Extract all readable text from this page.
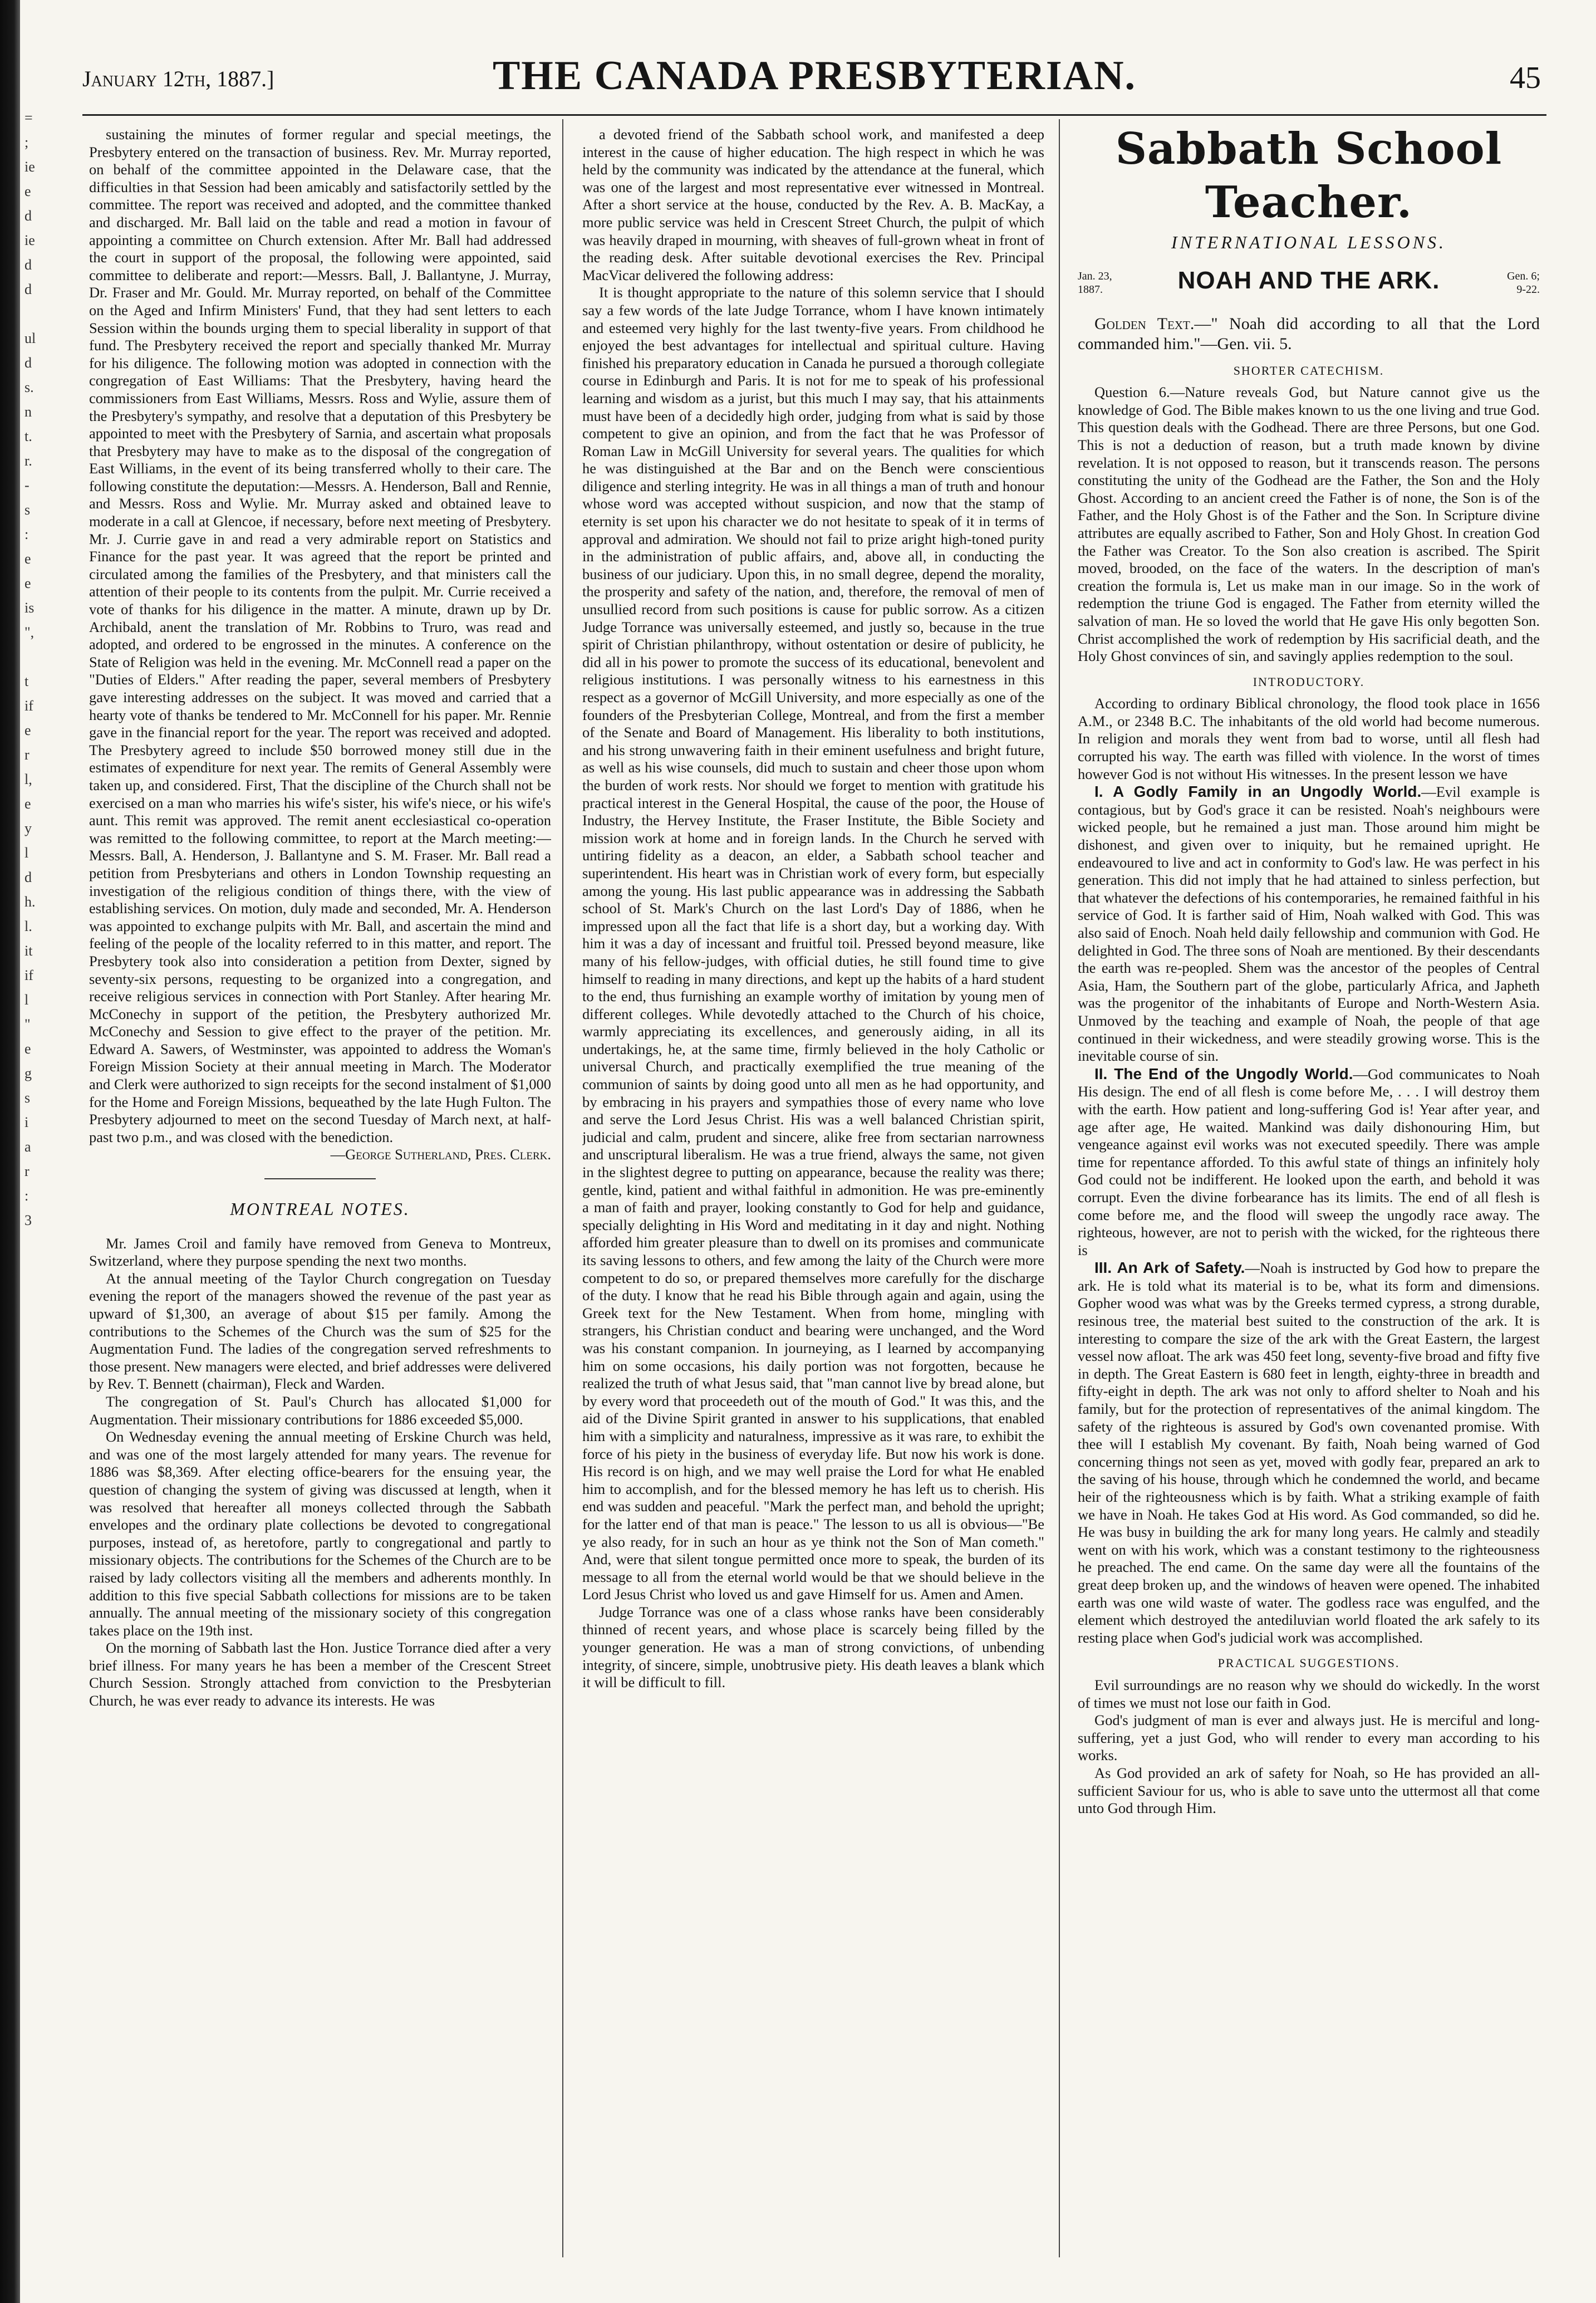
=
;
ie
e
d
ie
d
d

ul
d
s.
n
t.
r.
-
s
:
e
e
is
",

t
if
e
r
l,
e
y
l
d
h.
l.
it
if
l
"
e
g
s
i
a
r
:
3
January 12th, 1887.]	THE CANADA PRESBYTERIAN.	45

sustaining the minutes of former regular and special meetings, the Presbytery entered on the transaction of business. Rev. Mr. Murray reported, on behalf of the committee appointed in the Delaware case, that the difficulties in that Session had been amicably and satisfactorily settled by the committee. The report was received and adopted, and the committee thanked and discharged. Mr. Ball laid on the table and read a motion in favour of appointing a committee on Church extension. After Mr. Ball had addressed the court in support of the proposal, the following were appointed, said committee to deliberate and report:—Messrs. Ball, J. Ballantyne, J. Murray, Dr. Fraser and Mr. Gould. Mr. Murray reported, on behalf of the Committee on the Aged and Infirm Ministers' Fund, that they had sent letters to each Session within the bounds urging them to special liberality in support of that fund. The Presbytery received the report and specially thanked Mr. Murray for his diligence. The following motion was adopted in connection with the congregation of East Williams: That the Presbytery, having heard the commissioners from East Williams, Messrs. Ross and Wylie, assure them of the Presbytery's sympathy, and resolve that a deputation of this Presbytery be appointed to meet with the Presbytery of Sarnia, and ascertain what proposals that Presbytery may have to make as to the disposal of the congregation of East Williams, in the event of its being transferred wholly to their care. The following constitute the deputation:—Messrs. A. Henderson, Ball and Rennie, and Messrs. Ross and Wylie. Mr. Murray asked and obtained leave to moderate in a call at Glencoe, if necessary, before next meeting of Presbytery. Mr. J. Currie gave in and read a very admirable report on Statistics and Finance for the past year. It was agreed that the report be printed and circulated among the families of the Presbytery, and that ministers call the attention of their people to its contents from the pulpit. Mr. Currie received a vote of thanks for his diligence in the matter. A minute, drawn up by Dr. Archibald, anent the translation of Mr. Robbins to Truro, was read and adopted, and ordered to be engrossed in the minutes. A conference on the State of Religion was held in the evening. Mr. McConnell read a paper on the "Duties of Elders." After reading the paper, several members of Presbytery gave interesting addresses on the subject. It was moved and carried that a hearty vote of thanks be tendered to Mr. McConnell for his paper. Mr. Rennie gave in the financial report for the year. The report was received and adopted. The Presbytery agreed to include $50 borrowed money still due in the estimates of expenditure for next year. The remits of General Assembly were taken up, and considered. First, That the discipline of the Church shall not be exercised on a man who marries his wife's sister, his wife's niece, or his wife's aunt. This remit was approved. The remit anent ecclesiastical co-operation was remitted to the following committee, to report at the March meeting:—Messrs. Ball, A. Henderson, J. Ballantyne and S. M. Fraser. Mr. Ball read a petition from Presbyterians and others in London Township requesting an investigation of the religious condition of things there, with the view of establishing services. On motion, duly made and seconded, Mr. A. Henderson was appointed to exchange pulpits with Mr. Ball, and ascertain the mind and feeling of the people of the locality referred to in this matter, and report. The Presbytery took also into consideration a petition from Dexter, signed by seventy-six persons, requesting to be organized into a congregation, and receive religious services in connection with Port Stanley. After hearing Mr. McConechy in support of the petition, the Presbytery authorized Mr. McConechy and Session to give effect to the prayer of the petition. Mr. Edward A. Sawers, of Westminster, was appointed to address the Woman's Foreign Mission Society at their annual meeting in March. The Moderator and Clerk were authorized to sign receipts for the second instalment of $1,000 for the Home and Foreign Missions, bequeathed by the late Hugh Fulton. The Presbytery adjourned to meet on the second Tuesday of March next, at half-past two p.m., and was closed with the benediction.

—George Sutherland, Pres. Clerk.

MONTREAL NOTES.

Mr. James Croil and family have removed from Geneva to Montreux, Switzerland, where they purpose spending the next two months.

At the annual meeting of the Taylor Church congregation on Tuesday evening the report of the managers showed the revenue of the past year as upward of $1,300, an average of about $15 per family. Among the contributions to the Schemes of the Church was the sum of $25 for the Augmentation Fund. The ladies of the congregation served refreshments to those present. New managers were elected, and brief addresses were delivered by Rev. T. Bennett (chairman), Fleck and Warden.

The congregation of St. Paul's Church has allocated $1,000 for Augmentation. Their missionary contributions for 1886 exceeded $5,000.

On Wednesday evening the annual meeting of Erskine Church was held, and was one of the most largely attended for many years. The revenue for 1886 was $8,369. After electing office-bearers for the ensuing year, the question of changing the system of giving was discussed at length, when it was resolved that hereafter all moneys collected through the Sabbath envelopes and the ordinary plate collections be devoted to congregational purposes, instead of, as heretofore, partly to congregational and partly to missionary objects. The contributions for the Schemes of the Church are to be raised by lady collectors visiting all the members and adherents monthly. In addition to this five special Sabbath collections for missions are to be taken annually. The annual meeting of the missionary society of this congregation takes place on the 19th inst.

On the morning of Sabbath last the Hon. Justice Torrance died after a very brief illness. For many years he has been a member of the Crescent Street Church Session. Strongly attached from conviction to the Presbyterian Church, he was ever ready to advance its interests. He was

a devoted friend of the Sabbath school work, and manifested a deep interest in the cause of higher education. The high respect in which he was held by the community was indicated by the attendance at the funeral, which was one of the largest and most representative ever witnessed in Montreal. After a short service at the house, conducted by the Rev. A. B. MacKay, a more public service was held in Crescent Street Church, the pulpit of which was heavily draped in mourning, with sheaves of full-grown wheat in front of the reading desk. After suitable devotional exercises the Rev. Principal MacVicar delivered the following address:

It is thought appropriate to the nature of this solemn service that I should say a few words of the late Judge Torrance, whom I have known intimately and esteemed very highly for the last twenty-five years. From childhood he enjoyed the best advantages for intellectual and spiritual culture. Having finished his preparatory education in Canada he pursued a thorough collegiate course in Edinburgh and Paris. It is not for me to speak of his professional learning and wisdom as a jurist, but this much I may say, that his attainments must have been of a decidedly high order, judging from what is said by those competent to give an opinion, and from the fact that he was Professor of Roman Law in McGill University for several years. The qualities for which he was distinguished at the Bar and on the Bench were conscientious diligence and sterling integrity. He was in all things a man of truth and honour whose word was accepted without suspicion, and now that the stamp of eternity is set upon his character we do not hesitate to speak of it in terms of approval and admiration. We should not fail to prize aright high-toned purity in the administration of public affairs, and, above all, in conducting the business of our judiciary. Upon this, in no small degree, depend the morality, the prosperity and safety of the nation, and, therefore, the removal of men of unsullied record from such positions is cause for public sorrow. As a citizen Judge Torrance was universally esteemed, and justly so, because in the true spirit of Christian philanthropy, without ostentation or desire of publicity, he did all in his power to promote the success of its educational, benevolent and religious institutions. I was personally witness to his earnestness in this respect as a governor of McGill University, and more especially as one of the founders of the Presbyterian College, Montreal, and from the first a member of the Senate and Board of Management. His liberality to both institutions, and his strong unwavering faith in their eminent usefulness and bright future, as well as his wise counsels, did much to sustain and cheer those upon whom the burden of work rests. Nor should we forget to mention with gratitude his practical interest in the General Hospital, the cause of the poor, the House of Industry, the Hervey Institute, the Fraser Institute, the Bible Society and mission work at home and in foreign lands. In the Church he served with untiring fidelity as a deacon, an elder, a Sabbath school teacher and superintendent. His heart was in Christian work of every form, but especially among the young. His last public appearance was in addressing the Sabbath school of St. Mark's Church on the last Lord's Day of 1886, when he impressed upon all the fact that life is a short day, but a working day. With him it was a day of incessant and fruitful toil. Pressed beyond measure, like many of his fellow-judges, with official duties, he still found time to give himself to reading in many directions, and kept up the habits of a hard student to the end, thus furnishing an example worthy of imitation by young men of different colleges. While devotedly attached to the Church of his choice, warmly appreciating its excellences, and generously aiding, in all its undertakings, he, at the same time, firmly believed in the holy Catholic or universal Church, and practically exemplified the true meaning of the communion of saints by doing good unto all men as he had opportunity, and by embracing in his prayers and sympathies those of every name who love and serve the Lord Jesus Christ. His was a well balanced Christian spirit, judicial and calm, prudent and sincere, alike free from sectarian narrowness and unscriptural liberalism. He was a true friend, always the same, not given in the slightest degree to putting on appearance, because the reality was there; gentle, kind, patient and withal faithful in admonition. He was pre-eminently a man of faith and prayer, looking constantly to God for help and guidance, specially delighting in His Word and meditating in it day and night. Nothing afforded him greater pleasure than to dwell on its promises and communicate its saving lessons to others, and few among the laity of the Church were more competent to do so, or prepared themselves more carefully for the discharge of the duty. I know that he read his Bible through again and again, using the Greek text for the New Testament. When from home, mingling with strangers, his Christian conduct and bearing were unchanged, and the Word was his constant companion. In journeying, as I learned by accompanying him on some occasions, his daily portion was not forgotten, because he realized the truth of what Jesus said, that "man cannot live by bread alone, but by every word that proceedeth out of the mouth of God." It was this, and the aid of the Divine Spirit granted in answer to his supplications, that enabled him with a simplicity and naturalness, impressive as it was rare, to exhibit the force of his piety in the business of everyday life. But now his work is done. His record is on high, and we may well praise the Lord for what He enabled him to accomplish, and for the blessed memory he has left us to cherish. His end was sudden and peaceful. "Mark the perfect man, and behold the upright; for the latter end of that man is peace." The lesson to us all is obvious—"Be ye also ready, for in such an hour as ye think not the Son of Man cometh." And, were that silent tongue permitted once more to speak, the burden of its message to all from the eternal world would be that we should believe in the Lord Jesus Christ who loved us and gave Himself for us. Amen and Amen.

Judge Torrance was one of a class whose ranks have been considerably thinned of recent years, and whose place is scarcely being filled by the younger generation. He was a man of strong convictions, of unbending integrity, of sincere, simple, unobtrusive piety. His death leaves a blank which it will be difficult to fill.

Sabbath School Teacher.
INTERNATIONAL LESSONS.
Jan. 23,
1887.	NOAH AND THE ARK.	Gen. 6;
9-22.

Golden Text.—" Noah did according to all that the Lord commanded him."—Gen. vii. 5.

SHORTER CATECHISM.

Question 6.—Nature reveals God, but Nature cannot give us the knowledge of God. The Bible makes known to us the one living and true God. This question deals with the Godhead. There are three Persons, but one God. This is not a deduction of reason, but a truth made known by divine revelation. It is not opposed to reason, but it transcends reason. The persons constituting the unity of the Godhead are the Father, the Son and the Holy Ghost. According to an ancient creed the Father is of none, the Son is of the Father, and the Holy Ghost is of the Father and the Son. In Scripture divine attributes are equally ascribed to Father, Son and Holy Ghost. In creation God the Father was Creator. To the Son also creation is ascribed. The Spirit moved, brooded, on the face of the waters. In the description of man's creation the formula is, Let us make man in our image. So in the work of redemption the triune God is engaged. The Father from eternity willed the salvation of man. He so loved the world that He gave His only begotten Son. Christ accomplished the work of redemption by His sacrificial death, and the Holy Ghost convinces of sin, and savingly applies redemption to the soul.

INTRODUCTORY.

According to ordinary Biblical chronology, the flood took place in 1656 A.M., or 2348 B.C. The inhabitants of the old world had become numerous. In religion and morals they went from bad to worse, until all flesh had corrupted his way. The earth was filled with violence. In the worst of times however God is not without His witnesses. In the present lesson we have

I. A Godly Family in an Ungodly World.—Evil example is contagious, but by God's grace it can be resisted. Noah's neighbours were wicked people, but he remained a just man. Those around him might be dishonest, and given over to iniquity, but he remained upright. He endeavoured to live and act in conformity to God's law. He was perfect in his generation. This did not imply that he had attained to sinless perfection, but that whatever the defections of his contemporaries, he remained faithful in his service of God. It is farther said of Him, Noah walked with God. This was also said of Enoch. Noah held daily fellowship and communion with God. He delighted in God. The three sons of Noah are mentioned. By their descendants the earth was re-peopled. Shem was the ancestor of the peoples of Central Asia, Ham, the Southern part of the globe, particularly Africa, and Japheth was the progenitor of the inhabitants of Europe and North-Western Asia. Unmoved by the teaching and example of Noah, the people of that age continued in their wickedness, and were steadily growing worse. This is the inevitable course of sin.

II. The End of the Ungodly World.—God communicates to Noah His design. The end of all flesh is come before Me, . . . I will destroy them with the earth. How patient and long-suffering God is! Year after year, and age after age, He waited. Mankind was daily dishonouring Him, but vengeance against evil works was not executed speedily. There was ample time for repentance afforded. To this awful state of things an infinitely holy God could not be indifferent. He looked upon the earth, and behold it was corrupt. Even the divine forbearance has its limits. The end of all flesh is come before me, and the flood will sweep the ungodly race away. The righteous, however, are not to perish with the wicked, for the righteous there is

III. An Ark of Safety.—Noah is instructed by God how to prepare the ark. He is told what its material is to be, what its form and dimensions. Gopher wood was what was by the Greeks termed cypress, a strong durable, resinous tree, the material best suited to the construction of the ark. It is interesting to compare the size of the ark with the Great Eastern, the largest vessel now afloat. The ark was 450 feet long, seventy-five broad and fifty five in depth. The Great Eastern is 680 feet in length, eighty-three in breadth and fifty-eight in depth. The ark was not only to afford shelter to Noah and his family, but for the protection of representatives of the animal kingdom. The safety of the righteous is assured by God's own covenanted promise. With thee will I establish My covenant. By faith, Noah being warned of God concerning things not seen as yet, moved with godly fear, prepared an ark to the saving of his house, through which he condemned the world, and became heir of the righteousness which is by faith. What a striking example of faith we have in Noah. He takes God at His word. As God commanded, so did he. He was busy in building the ark for many long years. He calmly and steadily went on with his work, which was a constant testimony to the righteousness he preached. The end came. On the same day were all the fountains of the great deep broken up, and the windows of heaven were opened. The inhabited earth was one wild waste of water. The godless race was engulfed, and the element which destroyed the antediluvian world floated the ark safely to its resting place when God's judicial work was accomplished.

PRACTICAL SUGGESTIONS.

Evil surroundings are no reason why we should do wickedly. In the worst of times we must not lose our faith in God.

God's judgment of man is ever and always just. He is merciful and long-suffering, yet a just God, who will render to every man according to his works.

As God provided an ark of safety for Noah, so He has provided an all-sufficient Saviour for us, who is able to save unto the uttermost all that come unto God through Him.
